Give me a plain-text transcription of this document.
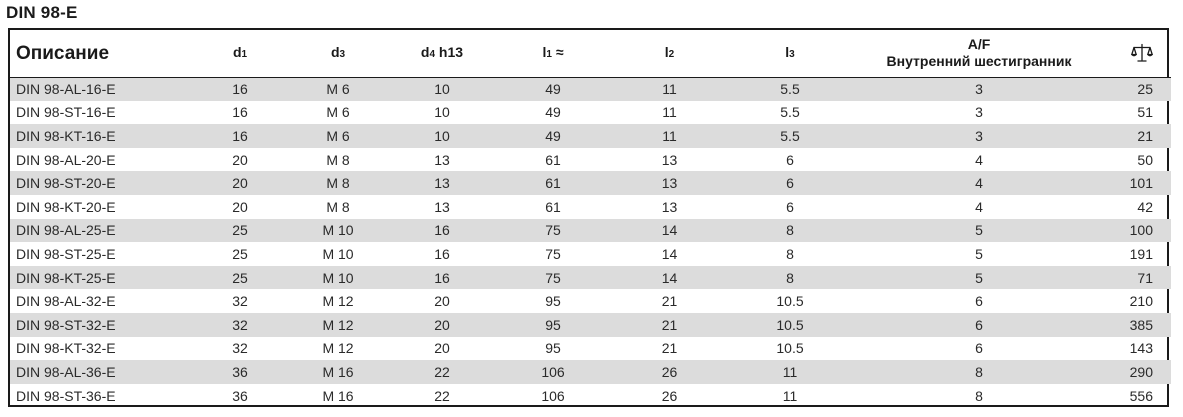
DIN 98-E
Описание	d1	d3	d4 h13	l1 ≈	l2	l3	A/F
Внутренний шестигранник

DIN 98-AL-16-E	16	M 6	10	49	11	5.5	3	25
DIN 98-ST-16-E	16	M 6	10	49	11	5.5	3	51
DIN 98-KT-16-E	16	M 6	10	49	11	5.5	3	21
DIN 98-AL-20-E	20	M 8	13	61	13	6	4	50
DIN 98-ST-20-E	20	M 8	13	61	13	6	4	101
DIN 98-KT-20-E	20	M 8	13	61	13	6	4	42
DIN 98-AL-25-E	25	M 10	16	75	14	8	5	100
DIN 98-ST-25-E	25	M 10	16	75	14	8	5	191
DIN 98-KT-25-E	25	M 10	16	75	14	8	5	71
DIN 98-AL-32-E	32	M 12	20	95	21	10.5	6	210
DIN 98-ST-32-E	32	M 12	20	95	21	10.5	6	385
DIN 98-KT-32-E	32	M 12	20	95	21	10.5	6	143
DIN 98-AL-36-E	36	M 16	22	106	26	11	8	290
DIN 98-ST-36-E	36	M 16	22	106	26	11	8	556
